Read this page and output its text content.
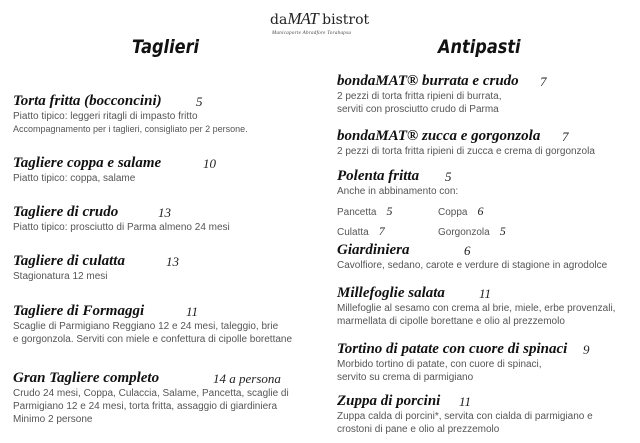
daMAT bistrot
Manicaporte Abradfore Torabapsu
Taglieri	Antipasti
Torta fritta (bocconcini)	5
Piatto tipico: leggeri ritagli di impasto fritto
Accompagnamento per i taglieri, consigliato per 2 persone.
Tagliere coppa e salame	10
Piatto tipico: coppa, salame
Tagliere di crudo	13
Piatto tipico: prosciutto di Parma almeno 24 mesi
Tagliere di culatta	13
Stagionatura 12 mesi
Tagliere di Formaggi	11
Scaglie di Parmigiano Reggiano 12 e 24 mesi, taleggio, brie
e gorgonzola. Serviti con miele e confettura di cipolle borettane
Gran Tagliere completo	14 a persona
Crudo 24 mesi, Coppa, Culaccia, Salame, Pancetta, scaglie di
Parmigiano 12 e 24 mesi, torta fritta, assaggio di giardiniera
Minimo 2 persone
bondaMAT® burrata e crudo 7
2 pezzi di torta fritta ripieni di burrata,
serviti con prosciutto crudo di Parma
bondaMAT® zucca e gorgonzola	7
2 pezzi di torta fritta ripieni di zucca e crema di gorgonzola
Polenta fritta	5
Anche in abbinamento con:
Giardiniera	6
Cavolfiore, sedano, carote e verdure di stagione in agrodolce
Millefoglie salata	11
Millefoglie al sesamo con crema al brie, miele, erbe provenzali,
marmellata di cipolle borettane e olio al prezzemolo
Tortino di patate con cuore di spinaci 9
Morbido tortino di patate, con cuore di spinaci,
servito su crema di parmigiano
Zuppa di porcini	11
Zuppa calda di porcini*, servita con cialda di parmigiano e
crostoni di pane e olio al prezzemolo
Pancetta 5	Coppa 6
Culatta 7	Gorgonzola 5
